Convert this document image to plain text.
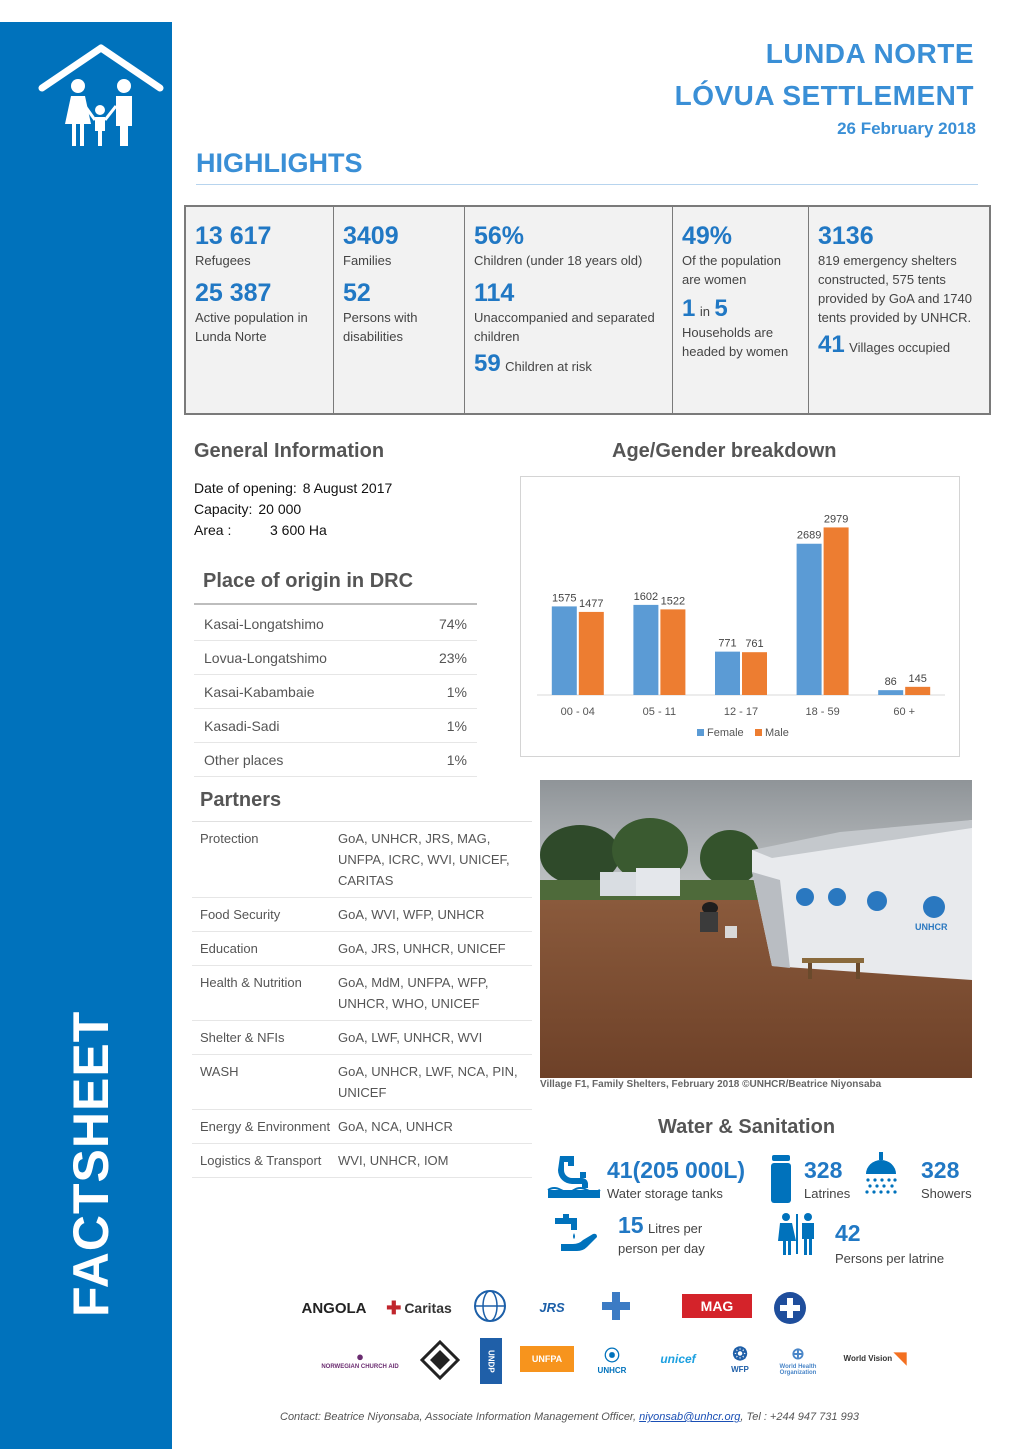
FACTSHEET
LUNDA NORTE
LÓVUA SETTLEMENT
26 February 2018
HIGHLIGHTS
13 617
Refugees
25 387
Active population in Lunda Norte
3409
Families
52
Persons with disabilities
56%
Children (under 18 years old)
114
Unaccompanied and separated children
59 Children at risk
49%
Of the population are women
1 in 5
Households are headed by women
3136
819 emergency shelters constructed, 575 tents provided by GoA and 1740 tents provided by UNHCR.
41 Villages occupied
General Information
Date of opening: 8 August 2017
Capacity: 20 000
Area :	3 600 Ha
Place of origin in DRC
Kasai-Longatshimo	74%
Lovua-Longatshimo	23%
Kasai-Kabambaie	1%
Kasadi-Sadi	1%
Other places	1%
Partners
Protection	GoA, UNHCR, JRS, MAG, UNFPA, ICRC, WVI, UNICEF, CARITAS
Food Security	GoA, WVI, WFP, UNHCR
Education	GoA, JRS, UNHCR, UNICEF
Health & Nutrition	GoA, MdM, UNFPA, WFP, UNHCR, WHO, UNICEF
Shelter & NFIs	GoA, LWF, UNHCR, WVI
WASH	GoA, UNHCR, LWF, NCA, PIN, UNICEF
Energy & Environment GoA, NCA, UNHCR
Logistics & Transport	WVI, UNHCR, IOM
Age/Gender breakdown
1575 1477
00 - 04
1602 1522
05 - 11
771 761
12 - 17
2689
2979
18 - 59
86 145
60 +
Female Male
UNHCR
Village F1, Family Shelters, February 2018 ©UNHCR/Beatrice Niyonsaba
Water & Sanitation
41(205 000L)
Water storage tanks
328
Latrines
328
Showers
15 Litres per
person per day
42
Persons per latrine
ANGOLA ✚ Caritas	JRS	MAG
●
NORWEGIAN CHURCH AID	UNDP	UNFPA	⦿
UNHCR
unicef ❂
WFP
⊕
World Health Organization
World Vision ◥
Contact: Beatrice Niyonsaba, Associate Information Management Officer, niyonsab@unhcr.org, Tel : +244 947 731 993
